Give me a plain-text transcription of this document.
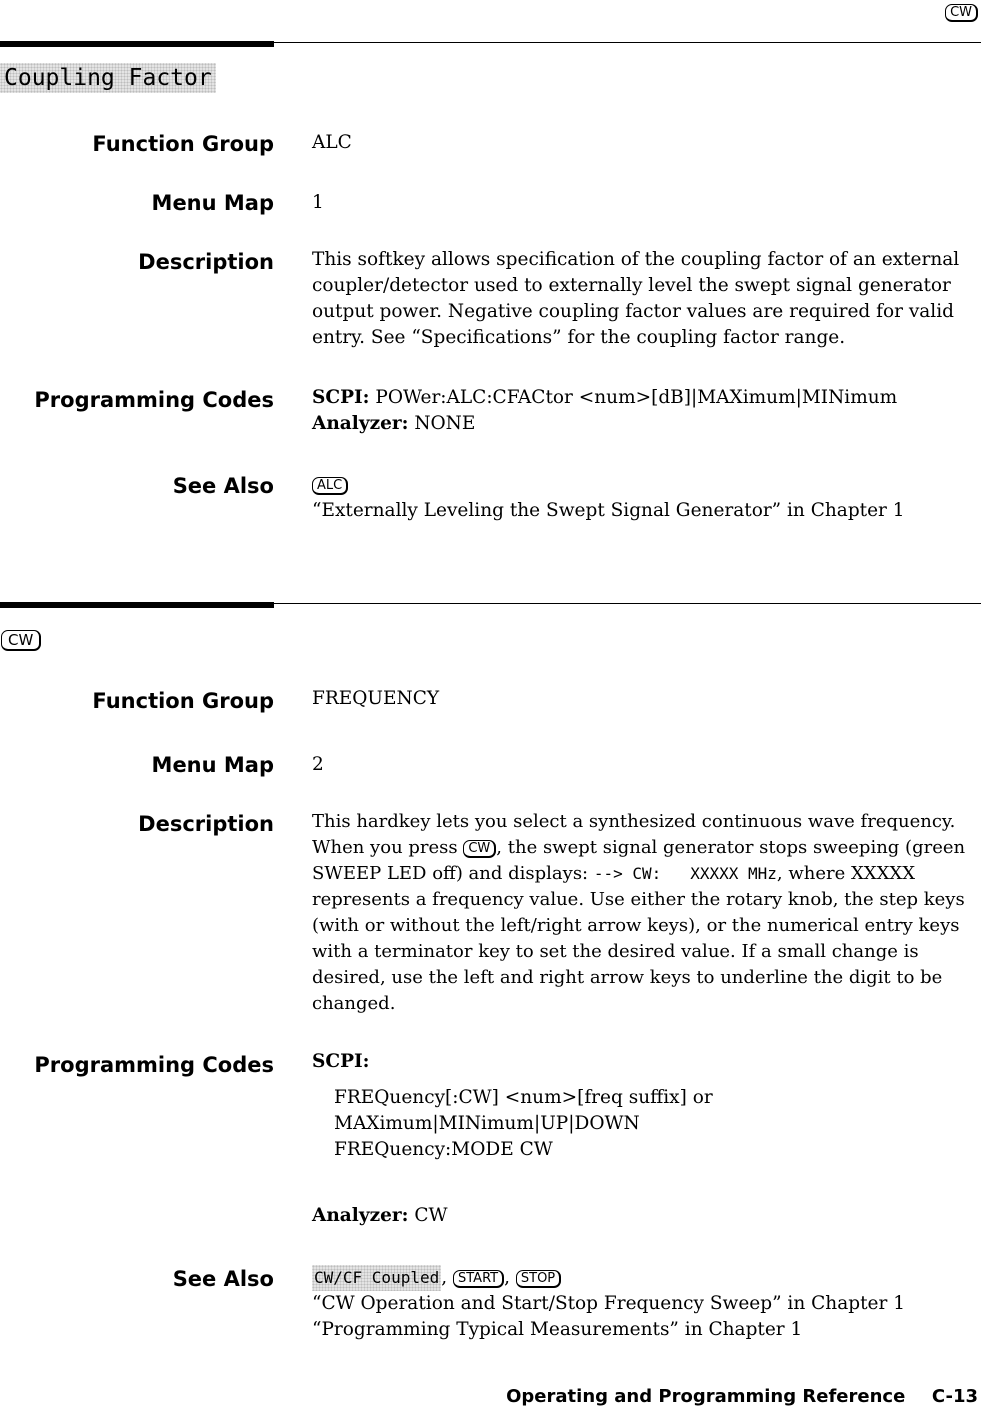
CW
Coupling Factor
Function Group ALC
Menu Map 1
Description This softkey allows specification of the coupling factor of an external coupler/detector used to externally level the swept signal generator output power. Negative coupling factor values are required for valid entry. See “Specifications” for the coupling factor range.

Programming Codes SCPI: POWer:ALC:CFACtor <num>[dB]|MAXimum|MINimum
Analyzer: NONE
See Also	ALC
“Externally Leveling the Swept Signal Generator” in Chapter 1
CW
Function Group FREQUENCY
Menu Map 2
Description This hardkey lets you select a synthesized continuous wave frequency. When you press CW , the swept signal generator stops sweeping (green SWEEP LED off) and displays: --> CW:   XXXXX MHz, where XXXXX represents a frequency value. Use either the rotary knob, the step keys (with or without the left/right arrow keys), or the numerical entry keys with a terminator key to set the desired value. If a small change is desired, use the left and right arrow keys to underline the digit to be changed.

Programming Codes SCPI:
FREQuency[:CW] <num>[freq suffix] or
MAXimum|MINimum|UP|DOWN
FREQuency:MODE CW
Analyzer: CW
See Also	CW/CF Coupled , START , STOP
“CW Operation and Start/Stop Frequency Sweep” in Chapter 1
“Programming Typical Measurements” in Chapter 1
Operating and Programming Reference C-13
